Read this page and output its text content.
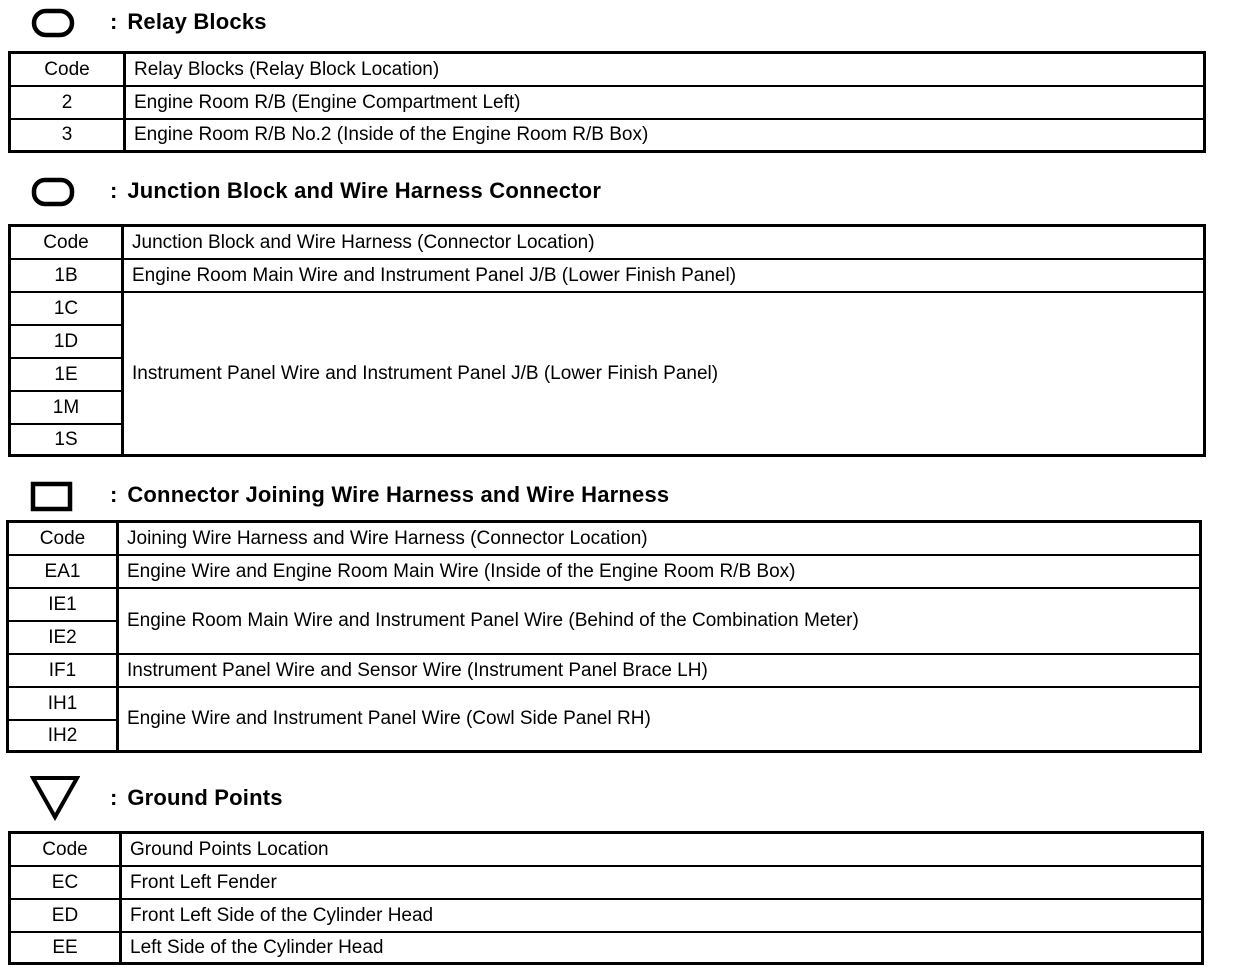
: Relay Blocks
Code	Relay Blocks (Relay Block Location)
2	Engine Room R/B (Engine Compartment Left)
3	Engine Room R/B No.2 (Inside of the Engine Room R/B Box)
: Junction Block and Wire Harness Connector
Code	Junction Block and Wire Harness (Connector Location)
1B	Engine Room Main Wire and Instrument Panel J/B (Lower Finish Panel)
1C	Instrument Panel Wire and Instrument Panel J/B (Lower Finish Panel)
1D	
1E	
1M	
1S	
: Connector Joining Wire Harness and Wire Harness
Code	Joining Wire Harness and Wire Harness (Connector Location)
EA1	Engine Wire and Engine Room Main Wire (Inside of the Engine Room R/B Box)
IE1	Engine Room Main Wire and Instrument Panel Wire (Behind of the Combination Meter)
IE2	
IF1	Instrument Panel Wire and Sensor Wire (Instrument Panel Brace LH)
IH1	Engine Wire and Instrument Panel Wire (Cowl Side Panel RH)
IH2	
: Ground Points
Code	Ground Points Location
EC	Front Left Fender
ED	Front Left Side of the Cylinder Head
EE	Left Side of the Cylinder Head
